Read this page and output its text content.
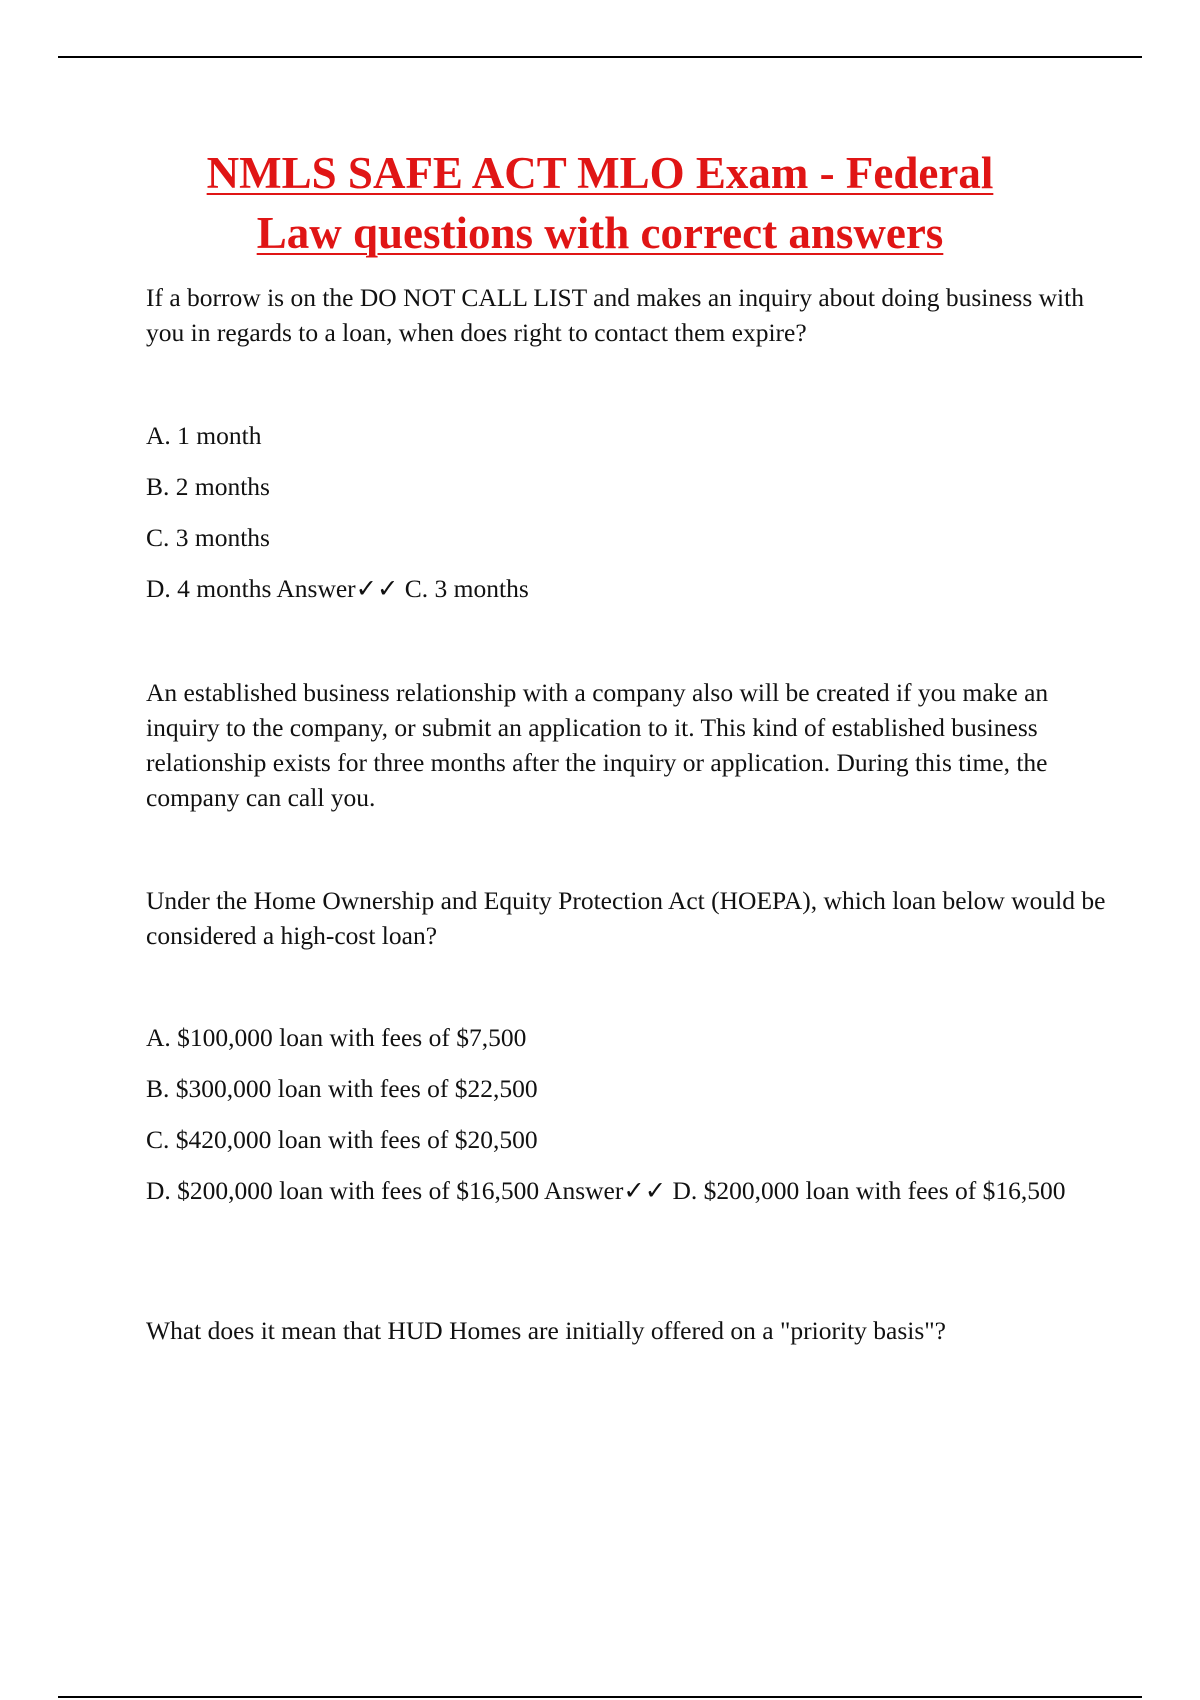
NMLS SAFE ACT MLO Exam - Federal
Law questions with correct answers

If a borrow is on the DO NOT CALL LIST and makes an inquiry about doing business with you in regards to a loan, when does right to contact them expire?

A. 1 month

B. 2 months

C. 3 months

D. 4 months Answer✓✓ C. 3 months

An established business relationship with a company also will be created if you make an inquiry to the company, or submit an application to it. This kind of established business relationship exists for three months after the inquiry or application. During this time, the company can call you.

Under the Home Ownership and Equity Protection Act (HOEPA), which loan below would be considered a high-cost loan?

A. $100,000 loan with fees of $7,500

B. $300,000 loan with fees of $22,500

C. $420,000 loan with fees of $20,500

D. $200,000 loan with fees of $16,500 Answer✓✓ D. $200,000 loan with fees of $16,500

What does it mean that HUD Homes are initially offered on a "priority basis"?
